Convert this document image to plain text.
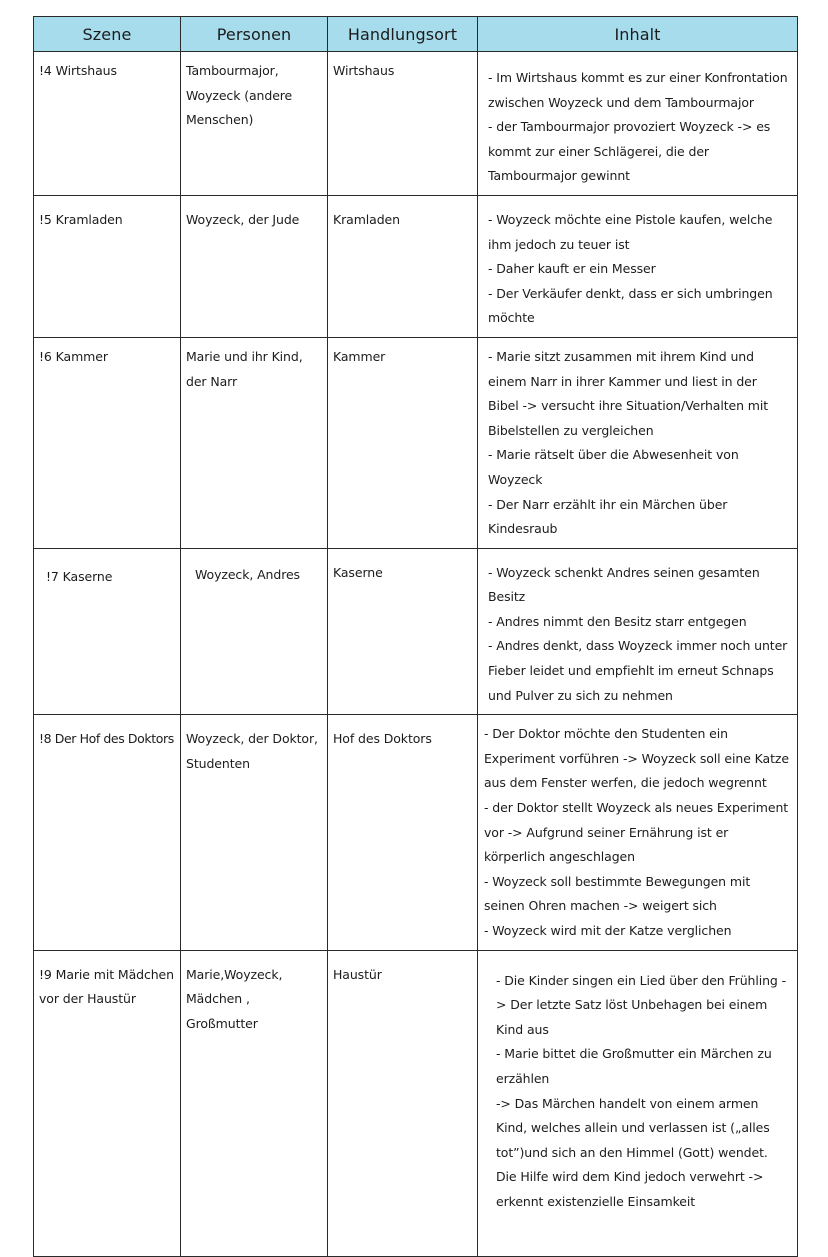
Szene	Personen	Handlungsort	Inhalt
!4 Wirtshaus	Tambourmajor, Woyzeck (andere Menschen)	Wirtshaus	- Im Wirtshaus kommt es zur einer Konfrontation zwischen Woyzeck und dem Tambourmajor
- der Tambourmajor provoziert Woyzeck -> es kommt zur einer Schlägerei, die der Tambourmajor gewinnt

!5 Kramladen	Woyzeck, der Jude	Kramladen	- Woyzeck möchte eine Pistole kaufen, welche ihm jedoch zu teuer ist
- Daher kauft er ein Messer
- Der Verkäufer denkt, dass er sich umbringen möchte

!6 Kammer	Marie und ihr Kind, der Narr	Kammer	- Marie sitzt zusammen mit ihrem Kind und einem Narr in ihrer Kammer und liest in der Bibel -> versucht ihre Situation/Verhalten mit Bibelstellen zu vergleichen
- Marie rätselt über die Abwesenheit von Woyzeck
- Der Narr erzählt ihr ein Märchen über Kindesraub

!7 Kaserne	Woyzeck, Andres	Kaserne	- Woyzeck schenkt Andres seinen gesamten Besitz
- Andres nimmt den Besitz starr entgegen
- Andres denkt, dass Woyzeck immer noch unter Fieber leidet und empfiehlt im erneut Schnaps und Pulver zu sich zu nehmen

!8 Der Hof des Doktors	Woyzeck, der Doktor, Studenten	Hof des Doktors	- Der Doktor möchte den Studenten ein Experiment vorführen -> Woyzeck soll eine Katze aus dem Fenster werfen, die jedoch wegrennt
- der Doktor stellt Woyzeck als neues Experiment vor -> Aufgrund seiner Ernährung ist er körperlich angeschlagen
- Woyzeck soll bestimmte Bewegungen mit seinen Ohren machen -> weigert sich
- Woyzeck wird mit der Katze verglichen

!9 Marie mit Mädchen vor der Haustür	Marie,Woyzeck, Mädchen , Großmutter	Haustür	- Die Kinder singen ein Lied über den Frühling -> Der letzte Satz löst Unbehagen bei einem Kind aus
- Marie bittet die Großmutter ein Märchen zu erzählen
-> Das Märchen handelt von einem armen Kind, welches allein und verlassen ist („alles tot”)und sich an den Himmel (Gott) wendet. Die Hilfe wird dem Kind jedoch verwehrt -> erkennt existenzielle Einsamkeit
